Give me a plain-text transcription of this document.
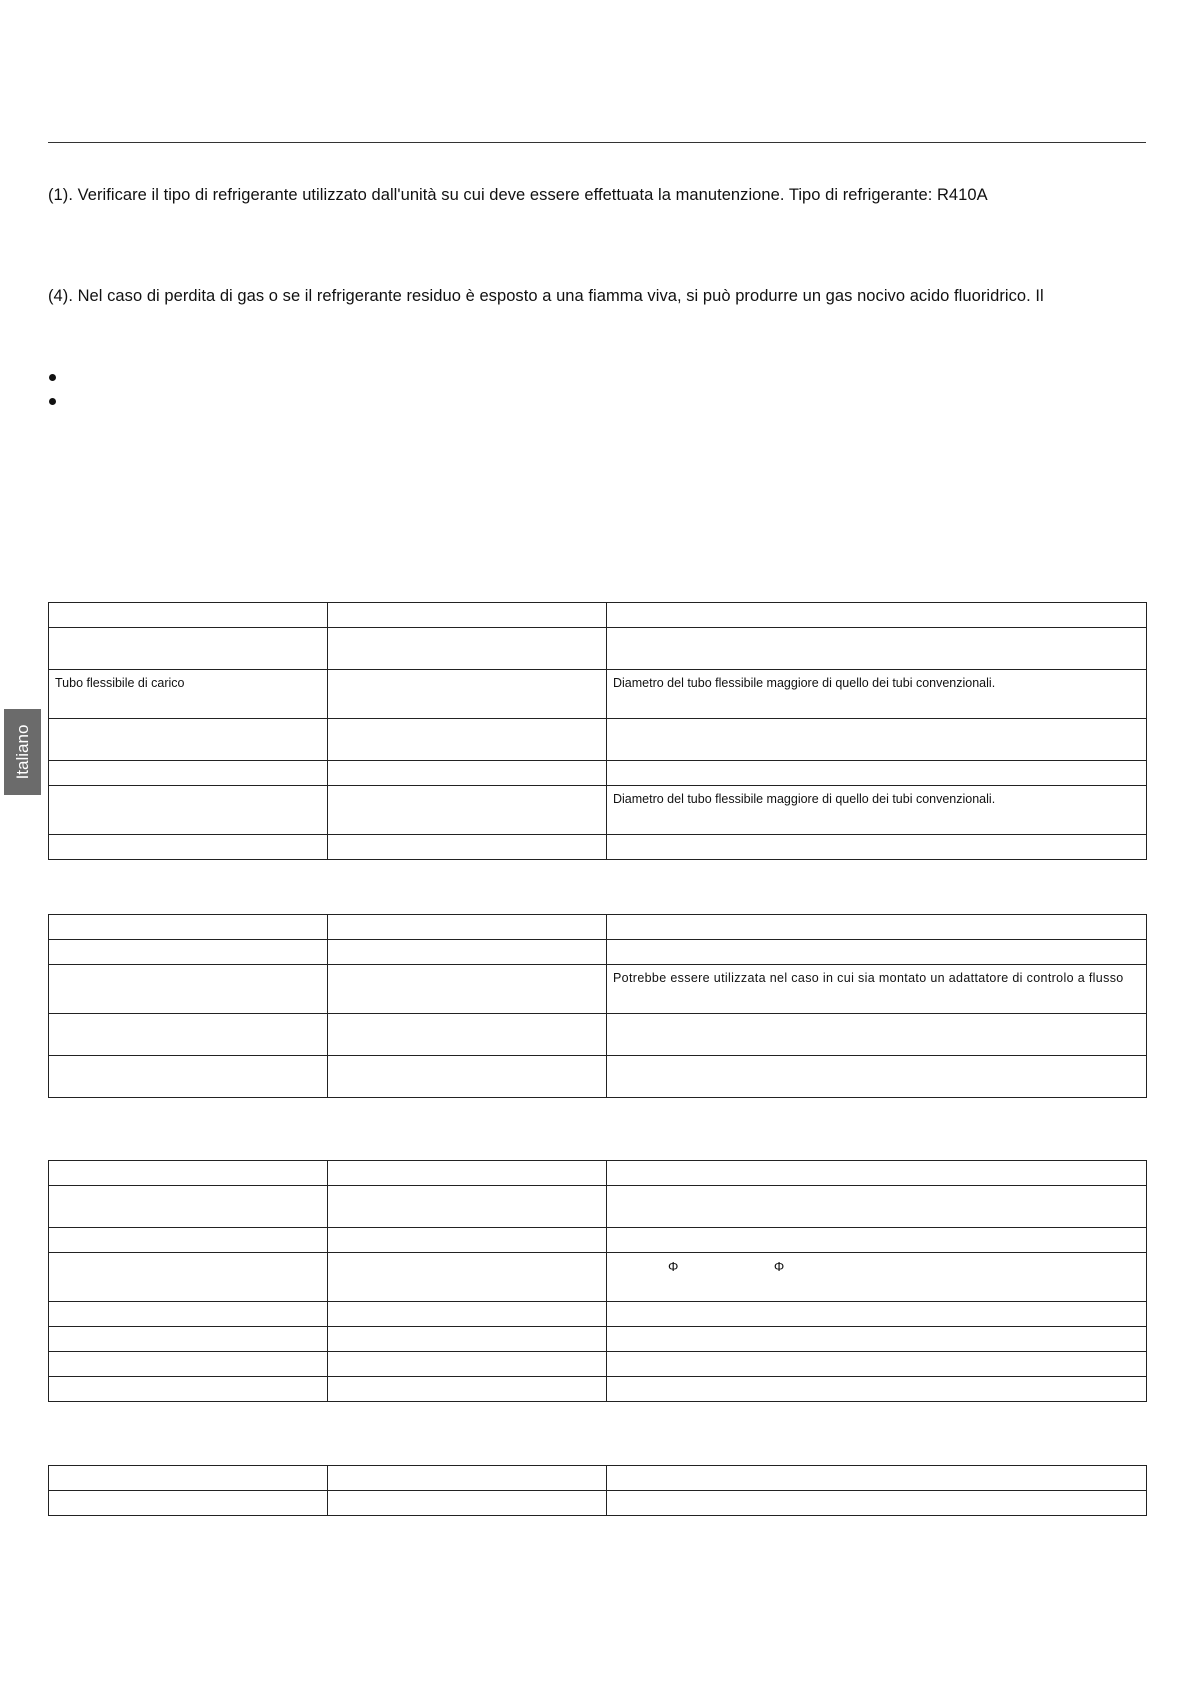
(1). Verificare il tipo di refrigerante utilizzato dall'unità su cui deve essere effettuata la manutenzione. Tipo di refrigerante: R410A
(4). Nel caso di perdita di gas o se il refrigerante residuo è esposto a una fiamma viva, si può produrre un gas nocivo acido fluoridrico. Il
Italiano

Tubo flessibile di carico		Diametro del tubo flessibile maggiore di quello dei tubi convenzionali.

		Diametro del tubo flessibile maggiore di quello dei tubi convenzionali.

		Potrebbe essere utilizzata nel caso in cui sia montato un adattatore di controlo a flusso

		Φ Φ
